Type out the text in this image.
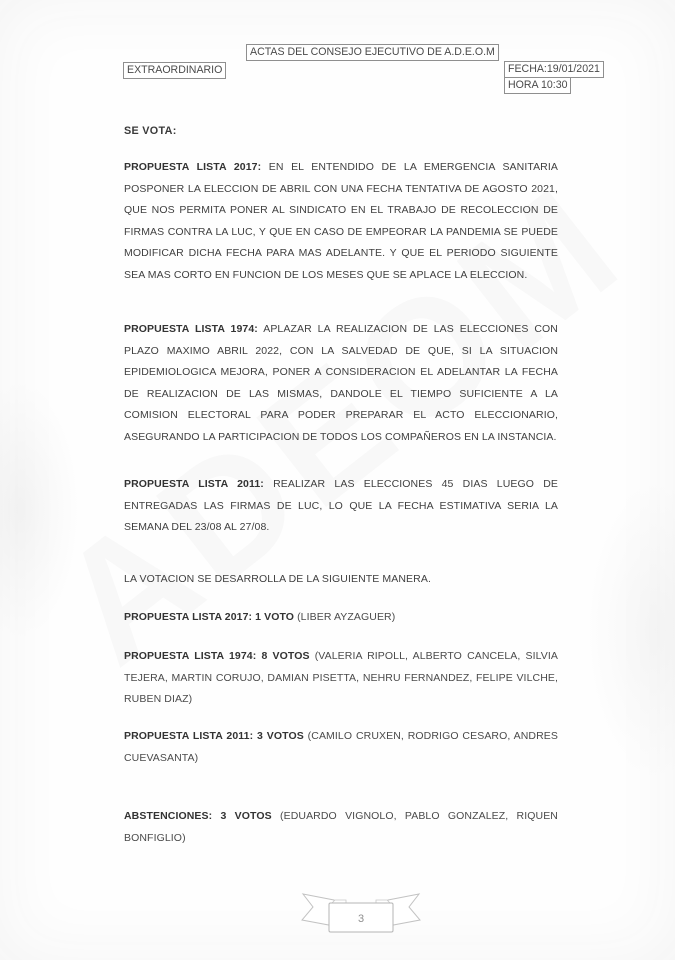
ACTAS DEL CONSEJO EJECUTIVO DE A.D.E.O.M
EXTRAORDINARIO	FECHA:19/01/2021
HORA 10:30
SE VOTA:
PROPUESTA LISTA 2017: EN EL ENTENDIDO DE LA EMERGENCIA SANITARIA POSPONER LA ELECCION DE ABRIL CON UNA FECHA TENTATIVA DE AGOSTO 2021, QUE NOS PERMITA PONER AL SINDICATO EN EL TRABAJO DE RECOLECCION DE FIRMAS CONTRA LA LUC, Y QUE EN CASO DE EMPEORAR LA PANDEMIA SE PUEDE MODIFICAR DICHA FECHA PARA MAS ADELANTE. Y QUE EL PERIODO SIGUIENTE SEA MAS CORTO EN FUNCION DE LOS MESES QUE SE APLACE LA ELECCION.
PROPUESTA LISTA 1974: APLAZAR LA REALIZACION DE LAS ELECCIONES CON PLAZO MAXIMO ABRIL 2022, CON LA SALVEDAD DE QUE, SI LA SITUACION EPIDEMIOLOGICA MEJORA, PONER A CONSIDERACION EL ADELANTAR LA FECHA DE REALIZACION DE LAS MISMAS, DANDOLE EL TIEMPO SUFICIENTE A LA COMISION ELECTORAL PARA PODER PREPARAR EL ACTO ELECCIONARIO, ASEGURANDO LA PARTICIPACION DE TODOS LOS COMPAÑEROS EN LA INSTANCIA.
PROPUESTA LISTA 2011: REALIZAR LAS ELECCIONES 45 DIAS LUEGO DE ENTREGADAS LAS FIRMAS DE LUC, LO QUE LA FECHA ESTIMATIVA SERIA LA SEMANA DEL 23/08 AL 27/08.
LA VOTACION SE DESARROLLA DE LA SIGUIENTE MANERA.
PROPUESTA LISTA 2017: 1 VOTO (LIBER AYZAGUER)
PROPUESTA LISTA 1974: 8 VOTOS (VALERIA RIPOLL, ALBERTO CANCELA, SILVIA TEJERA, MARTIN CORUJO, DAMIAN PISETTA, NEHRU FERNANDEZ, FELIPE VILCHE, RUBEN DIAZ)
PROPUESTA LISTA 2011: 3 VOTOS (CAMILO CRUXEN, RODRIGO CESARO, ANDRES CUEVASANTA)
ABSTENCIONES: 3 VOTOS (EDUARDO VIGNOLO, PABLO GONZALEZ, RIQUEN BONFIGLIO)
3
